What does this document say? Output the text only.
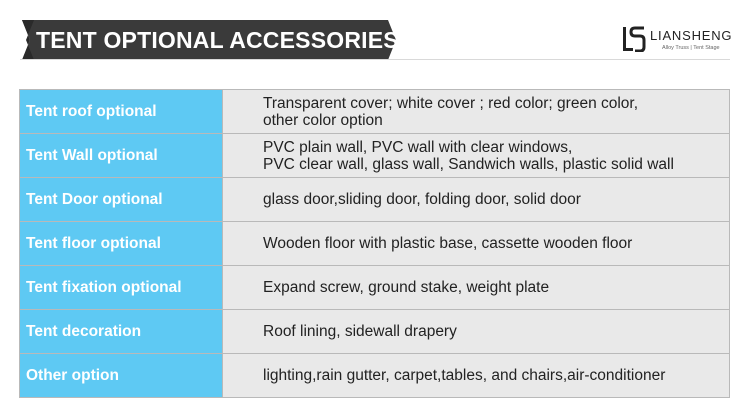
TENT OPTIONAL ACCESSORIES	LIANSHENG
Alloy Truss | Tent Stage
Tent roof optional	Transparent cover; white cover ; red color; green color,
other color option

Tent Wall optional	PVC plain wall, PVC wall with clear windows,
PVC clear wall, glass wall, Sandwich walls, plastic solid wall

Tent Door optional	glass door,sliding door, folding door, solid door

Tent floor optional	Wooden floor with plastic base, cassette wooden floor

Tent fixation optional	Expand screw, ground stake, weight plate

Tent decoration	Roof lining, sidewall drapery

Other option	lighting,rain gutter, carpet,tables, and chairs,air-conditioner
